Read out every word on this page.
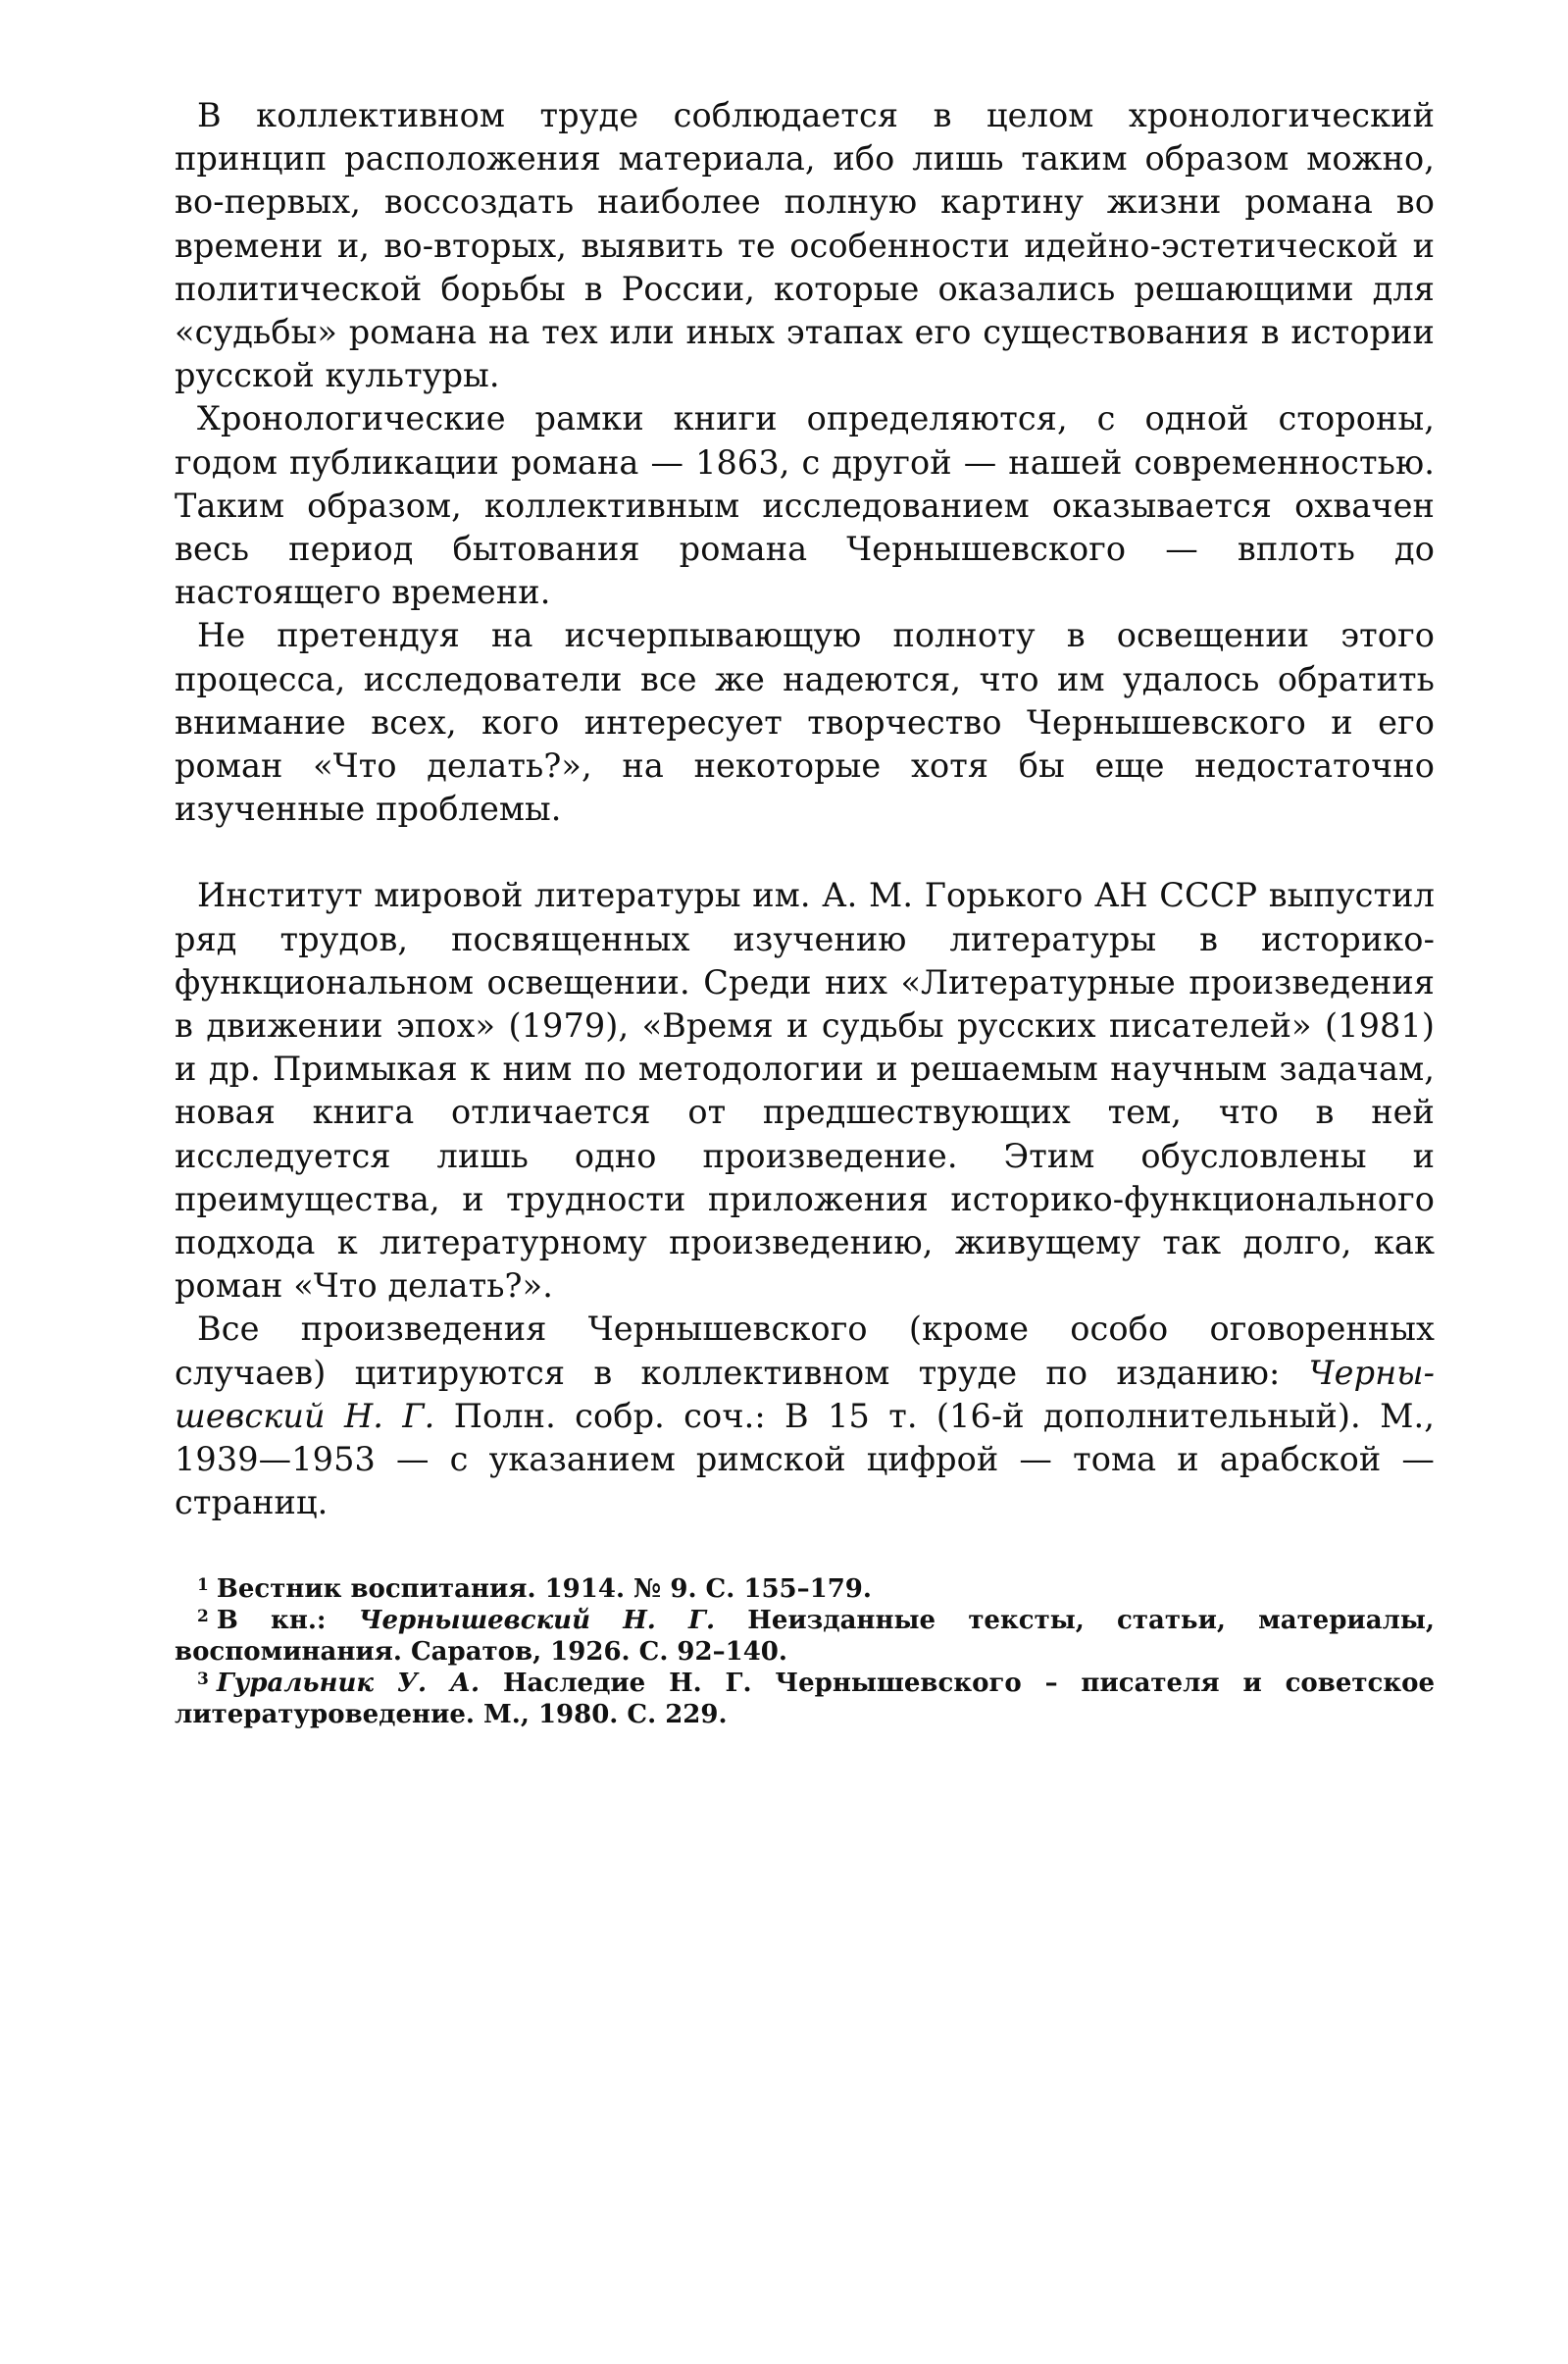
В коллективном труде соблюдается в целом хронологический принцип расположения материала, ибо лишь таким образом можно, во-первых, воссоздать наиболее полную картину жизни романа во времени и, во-вторых, выявить те особенности идейно-эстетической и политической борьбы в России, которые оказались решающими для «судьбы» романа на тех или иных этапах его существования в истории русской культуры.

Хронологические рамки книги определяются, с одной стороны, годом публикации романа — 1863, с другой — нашей современностью. Таким образом, коллективным исследованием оказывается охвачен весь период бытования романа Чернышевского — вплоть до настоящего времени.

Не претендуя на исчерпывающую полноту в освещении этого процесса, исследователи все же надеются, что им удалось обратить внимание всех, кого интересует творчество Чернышевского и его роман «Что делать?», на некоторые хотя бы еще недостаточно изученные проблемы.

Институт мировой литературы им. А. М. Горького АН СССР выпустил ряд трудов, посвященных изучению литературы в историко-функциональном освещении. Среди них «Литературные произведения в движении эпох» (1979), «Время и судьбы русских писателей» (1981) и др. Примыкая к ним по методологии и решаемым научным задачам, новая книга отличается от предшествующих тем, что в ней исследуется лишь одно произведение. Этим обусловлены и преимущества, и трудности приложения историко-функционального подхода к литературному произведению, живущему так долго, как роман «Что делать?».

Все произведения Чернышевского (кроме особо оговоренных случаев) цитируются в коллективном труде по изданию: Чернышевский Н. Г. Полн. собр. соч.: В 15 т. (16-й дополнительный). М., 1939—1953 — с указанием римской цифрой — тома и арабской — страниц.

$^1$ Вестник воспитания. 1914. № 9. С. 155–179.

$^2$ В кн.: Чернышевский Н. Г. Неизданные тексты, статьи, материалы, воспоминания. Саратов, 1926. С. 92–140.

$^3$ Гуральник У. А. Наследие Н. Г. Чернышевского – писателя и советское литературоведение. М., 1980. С. 229.
